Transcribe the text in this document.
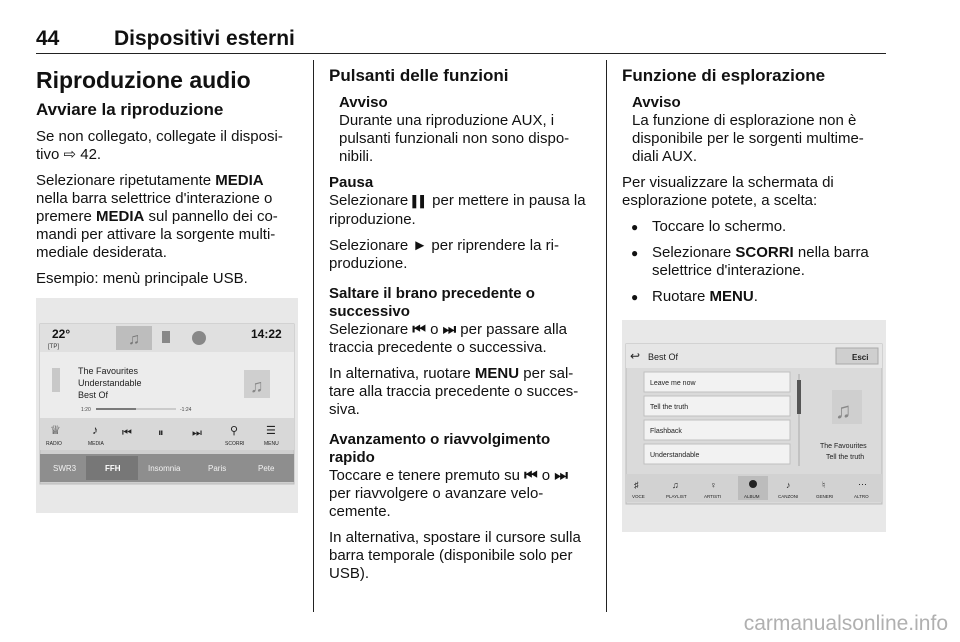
44	Dispositivi esterni
Riproduzione audio
Avviare la riproduzione

Se non collegato, collegate il disposi-tivo ⇨ 42.

Selezionare ripetutamente MEDIA nella barra selettrice d'interazione o premere MEDIA sul pannello dei co-mandi per attivare la sorgente multi-mediale desiderata.

Esempio: menù principale USB.

22°
[TP]	♫	14:22
The Favourites
Understandable
Best Of
1:20	-1:24
♫
♕
RADIO
♪
MEDIA
⏮ ⏸	⏭	⚲
SCORRI
☰
MENU
SWR3	FFH	Insomnia	Paris	Pete
Pulsanti delle funzioni
Avviso
Durante una riproduzione AUX, i pulsanti funzionali non sono dispo-nibili.
Pausa

Selezionare ▌▌ per mettere in pausa la riproduzione.

Selezionare ► per riprendere la ri-produzione.

Saltare il brano precedente o successivo

Selezionare ⏮ o ⏭ per passare alla traccia precedente o successiva.

In alternativa, ruotare MENU per sal-tare alla traccia precedente o succes-siva.

Avanzamento o riavvolgimento rapido

Toccare e tenere premuto su ⏮ o ⏭ per riavvolgere o avanzare velo-cemente.

In alternativa, spostare il cursore sulla barra temporale (disponibile solo per USB).

Funzione di esplorazione
Avviso
La funzione di esplorazione non è disponibile per le sorgenti multime-diali AUX.

Per visualizzare la schermata di esplorazione potete, a scelta:

● Toccare lo schermo.
● Selezionare SCORRI nella barra selettrice d'interazione.
● Ruotare MENU.
↩ Best Of	Esci
Leave me now
Tell the truth
Flashback
Understandable
♫
The Favourites
Tell the truth
♯
VOCE
♫
PLAYLIST
♀
ARTISTI	ALBUM
♪
CANZONI
♮
GENERI
⋯
ALTRO
carmanualsonline.info
